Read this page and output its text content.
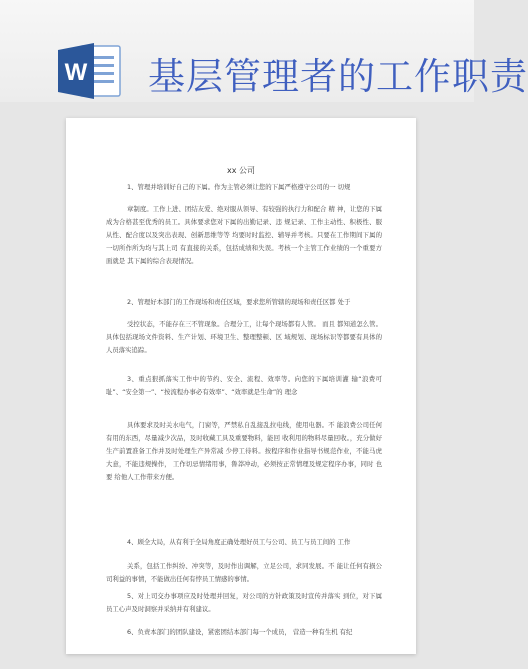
W 基层管理者的工作职责
xx 公司

1、管理并培训好自己的下属。作为主管必须让您的下属严格遵守公司的一 切规

章制度。工作上进、团结友爱、绝对服从领导、有较强的执行力和配合 精 神，让您的下属成为合格甚至优秀的员工。具体要求您对下属的出勤记录、违 规记录、工作主动性、积极性、服从性、配合度以及突出表现、创新思维等等 均要时时监控、辅导并考核。只要在工作期间下属的一切所作所为均与其上司 有直接的关系，包括成绩和失误。考核一个主管工作业绩的一个重要方面就是 其下属的综合表现情况。

2、管理好本部门的工作现场和责任区域，要求您所管辖的现场和责任区都 处于

受控状态，不能存在三不管现象。合理分工，让每个现场都有人管。 而且 都知道怎么管。具体包括现场文件资料、生产计划、环境卫生、整理整顿、区 域规划、现场标识等都要有具体的人员落实追踪。

3、重点狠抓落实工作中的节约、安全、流程、效率等。向您的下属培训灌 输“浪费可耻”、“安全第一”、“按流程办事必有效率”、“效率就是生命”的 理念

具体要求及时关水电气，门窗等，严禁私自乱接乱拉电线，使用电器。不 能浪费公司任何有用的东西，尽量减少次品，及时收藏工具及重要物料，能回 收利用的物料尽量回收。，充分做好生产前置准备工作并及时处理生产异常减 少停工待料。按程序和作业指导书规范作业，不能马虎大意，不能违规操作， 工作切忌情绪用事，鲁莽冲动，必须按正常情理及规定程序办事，同时 也要 给他人工作带来方便。

4、顾全大局，从有利于全局角度正确处理好员工与公司、员工与员工间的 工作

关系，包括工作纠纷、冲突等，及时作出调解，立足公司，求同发展。不 能让任何有损公司利益的事情，不能做出任何有悖员工情感的事情。

5、对上司交办事项应及时处理并回复，对公司的方针政策及时宣传并落实 到位，对下属员工心声及时洞察并采纳并有利建议。

6、负责本部门的团队建设，紧密团结本部门每一个成员， 营造一种有生机 有纪
